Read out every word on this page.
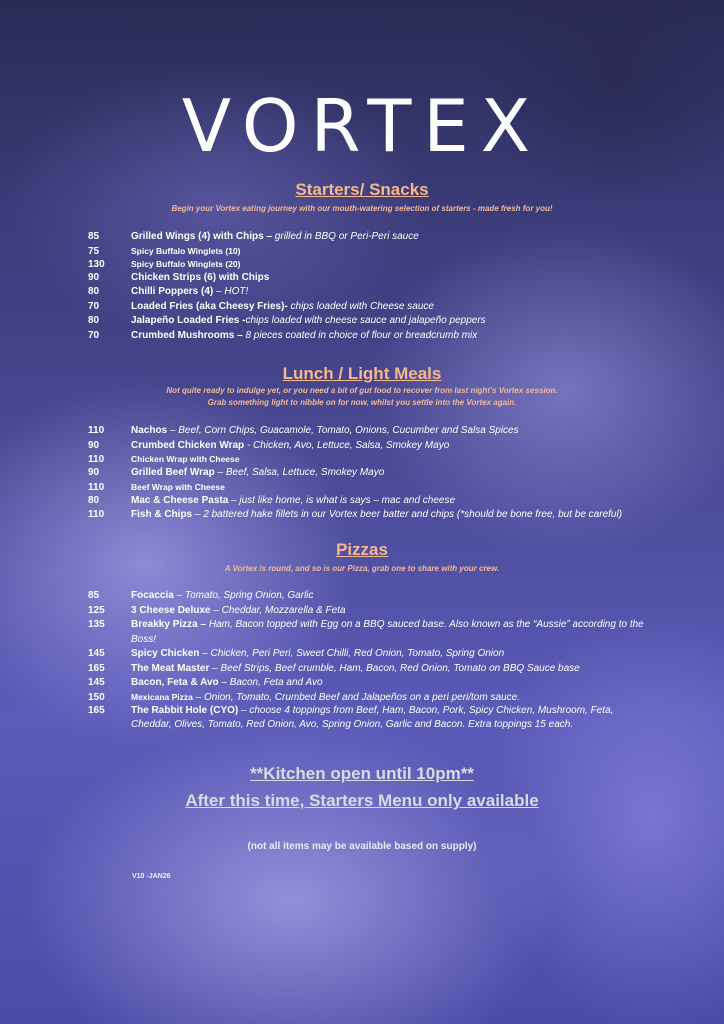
VORTEX
Starters/ Snacks
Begin your Vortex eating journey with our mouth-watering selection of starters - made fresh for you!
85	Grilled Wings (4) with Chips – grilled in BBQ or Peri-Peri sauce
75	Spicy Buffalo Winglets (10)
130	Spicy Buffalo Winglets (20)
90	Chicken Strips (6) with Chips
80	Chilli Poppers (4) – HOT!
70	Loaded Fries (aka Cheesy Fries)- chips loaded with Cheese sauce
80	Jalapeño Loaded Fries -chips loaded with cheese sauce and jalapeño peppers
70	Crumbed Mushrooms – 8 pieces coated in choice of flour or breadcrumb mix
Lunch / Light Meals
Not quite ready to indulge yet, or you need a bit of gut food to recover from last night’s Vortex session.
Grab something light to nibble on for now, whilst you settle into the Vortex again.
110	Nachos – Beef, Corn Chips, Guacamole, Tomato, Onions, Cucumber and Salsa Spices
90	Crumbed Chicken Wrap - Chicken, Avo, Lettuce, Salsa, Smokey Mayo
110	Chicken Wrap with Cheese
90	Grilled Beef Wrap – Beef, Salsa, Lettuce, Smokey Mayo
110	Beef Wrap with Cheese
80	Mac & Cheese Pasta – just like home, is what is says – mac and cheese
110	Fish & Chips – 2 battered hake fillets in our Vortex beer batter and chips (*should be bone free, but be careful)
Pizzas
A Vortex is round, and so is our Pizza, grab one to share with your crew.
85	Focaccia – Tomato, Spring Onion, Garlic
125	3 Cheese Deluxe – Cheddar, Mozzarella & Feta
135	Breakky Pizza – Ham, Bacon topped with Egg on a BBQ sauced base. Also known as the “Aussie” according to the Boss!
145	Spicy Chicken – Chicken, Peri Peri, Sweet Chilli, Red Onion, Tomato, Spring Onion
165	The Meat Master – Beef Strips, Beef crumble, Ham, Bacon, Red Onion, Tomato on BBQ Sauce base
145	Bacon, Feta & Avo – Bacon, Feta and Avo
150	Mexicana Pizza – Onion, Tomato, Crumbed Beef and Jalapeños on a peri peri/tom sauce.
165	The Rabbit Hole (CYO) – choose 4 toppings from Beef, Ham, Bacon, Pork, Spicy Chicken, Mushroom, Feta, Cheddar, Olives, Tomato, Red Onion, Avo, Spring Onion, Garlic and Bacon. Extra toppings 15 each.
**Kitchen open until 10pm**
After this time, Starters Menu only available
(not all items may be available based on supply)
V10 -JAN26
